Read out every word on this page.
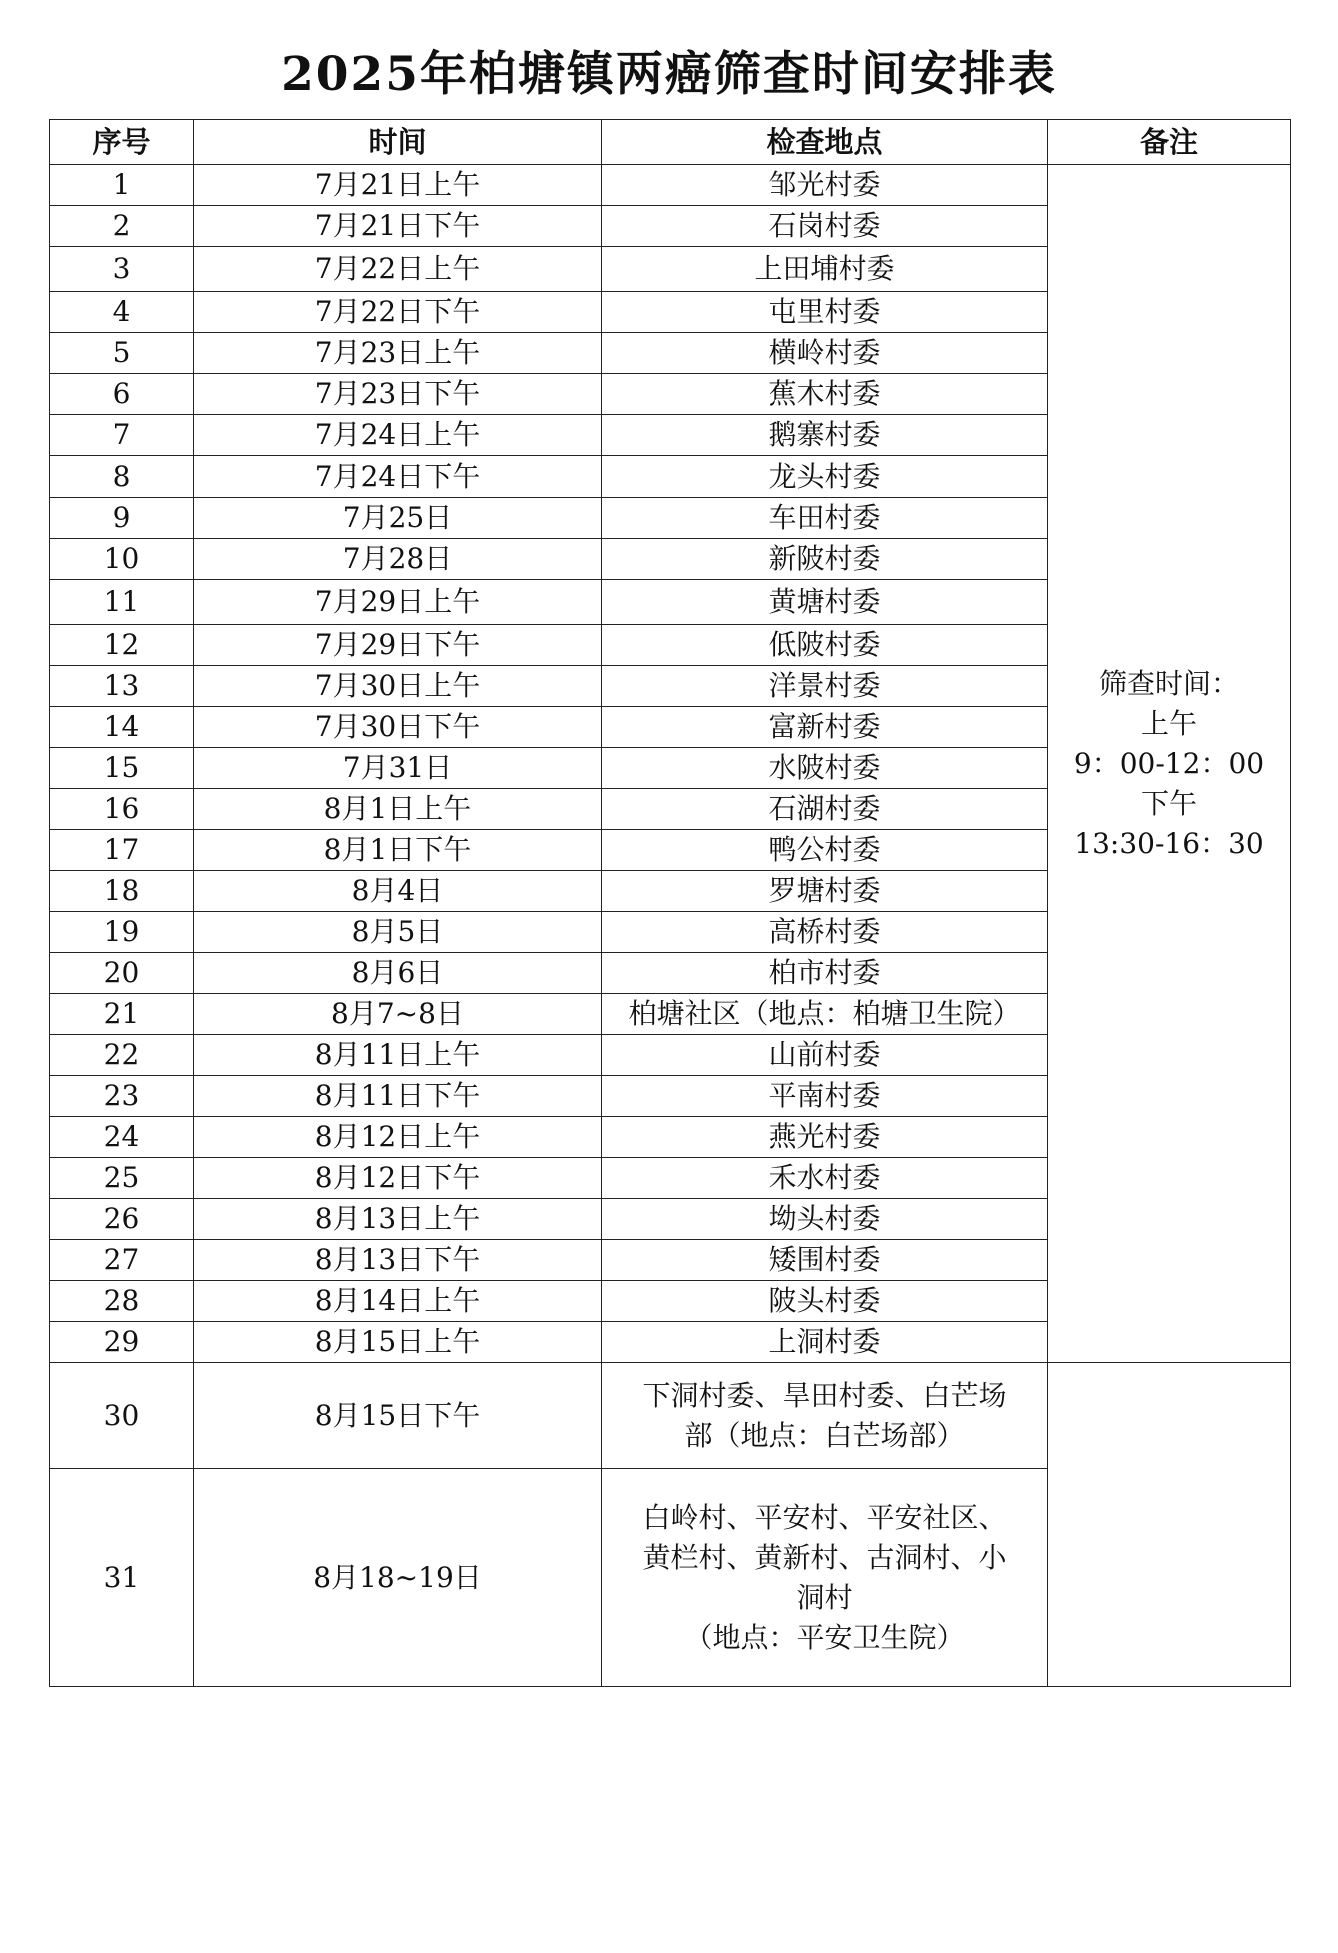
2025年柏塘镇两癌筛查时间安排表
序号	时间	检查地点	备注
1	7月21日上午	邹光村委	筛查时间：
上午
9：00-12：00
下午
13:30-16：30

2	7月21日下午	石岗村委	

3	7月22日上午	上田埔村委	

4	7月22日下午	屯里村委	

5	7月23日上午	横岭村委	

6	7月23日下午	蕉木村委	

7	7月24日上午	鹅寨村委	

8	7月24日下午	龙头村委	

9	7月25日	车田村委	

10	7月28日	新陂村委	

11	7月29日上午	黄塘村委	

12	7月29日下午	低陂村委	

13	7月30日上午	洋景村委	

14	7月30日下午	富新村委	

15	7月31日	水陂村委	

16	8月1日上午	石湖村委	

17	8月1日下午	鸭公村委	

18	8月4日	罗塘村委	

19	8月5日	高桥村委	

20	8月6日	柏市村委	

21	8月7~8日	柏塘社区（地点：柏塘卫生院）	

22	8月11日上午	山前村委	

23	8月11日下午	平南村委	

24	8月12日上午	燕光村委	

25	8月12日下午	禾水村委	

26	8月13日上午	坳头村委	

27	8月13日下午	矮围村委	

28	8月14日上午	陂头村委	

29	8月15日上午	上洞村委	

30	8月15日下午	下洞村委、旱田村委、白芒场
部（地点：白芒场部）	

31	8月18~19日	白岭村、平安村、平安社区、
黄栏村、黄新村、古洞村、小
洞村
（地点：平安卫生院）	
